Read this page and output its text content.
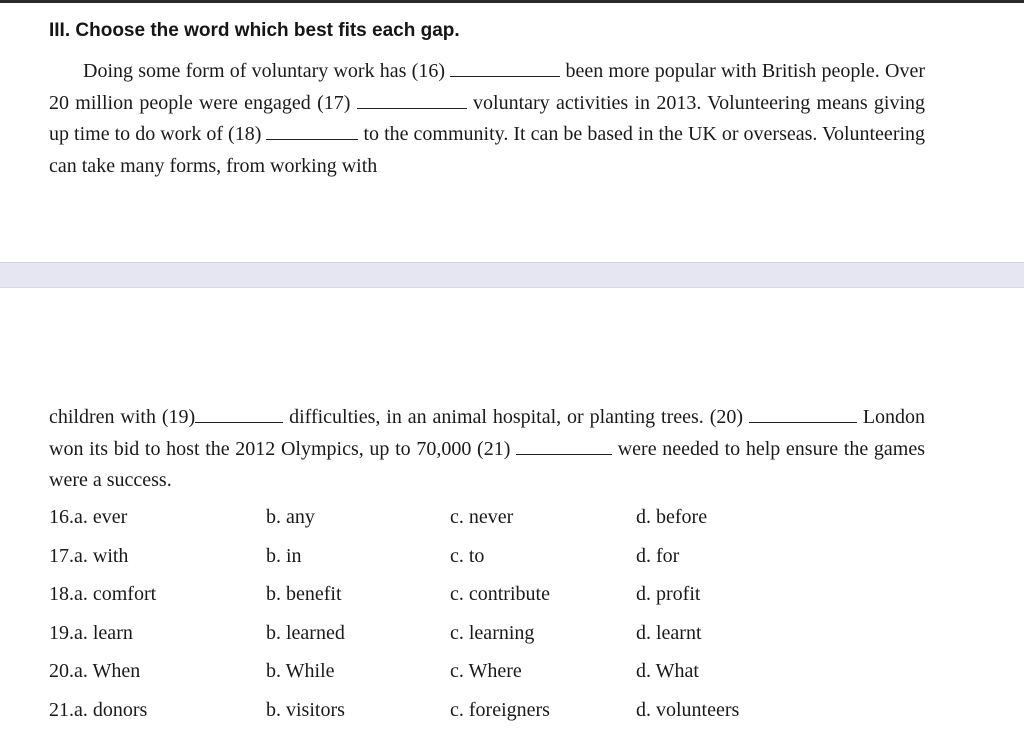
III. Choose the word which best fits each gap.

Doing some form of voluntary work has (16)	been more popular with British people. Over 20 million people were engaged (17)	voluntary activities in 2013. Volunteering means giving up time to do work of (18)	to the community. It can be based in the UK or overseas. Volunteering can take many forms, from working with

children with (19)	difficulties, in an animal hospital, or planting trees. (20)	London won its bid to host the 2012 Olympics, up to 70,000 (21)	were needed to help ensure the games were a success.

16.a. ever	b. any	c. never	d. before
17.a. with	b. in	c. to	d. for
18.a. comfort	b. benefit	c. contribute	d. profit
19.a. learn	b. learned	c. learning	d. learnt
20.a. When	b. While	c. Where	d. What
21.a. donors	b. visitors	c. foreigners	d. volunteers
